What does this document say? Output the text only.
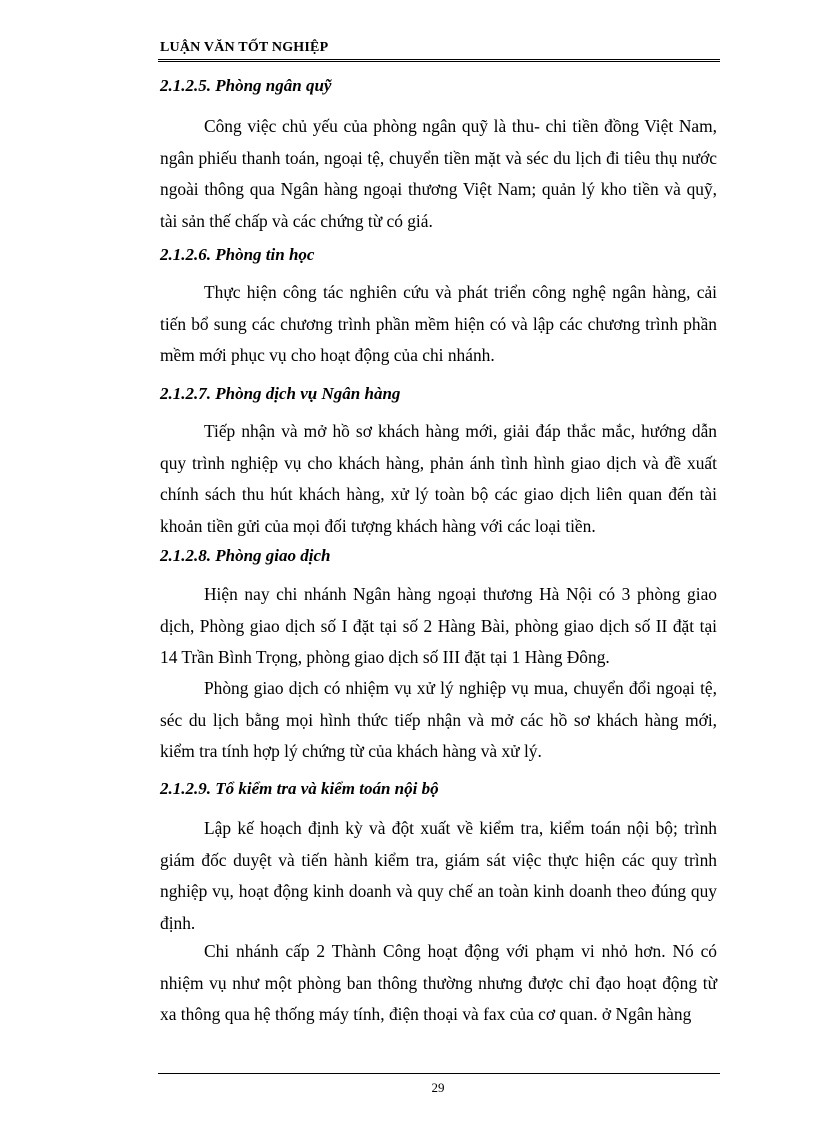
LUẬN VĂN TỐT NGHIỆP
2.1.2.5. Phòng ngân quỹ

Công việc chủ yếu của phòng ngân quỹ là thu- chi tiền đồng Việt Nam, ngân phiếu thanh toán, ngoại tệ, chuyển tiền mặt và séc du lịch đi tiêu thụ nước ngoài thông qua Ngân hàng ngoại thương Việt Nam; quản lý kho tiền và quỹ, tài sản thế chấp và các chứng từ có giá.

2.1.2.6. Phòng tin học

Thực hiện công tác nghiên cứu và phát triển công nghệ ngân hàng, cải tiến bổ sung các chương trình phần mềm hiện có và lập các chương trình phần mềm mới phục vụ cho hoạt động của chi nhánh.

2.1.2.7. Phòng dịch vụ Ngân hàng

Tiếp nhận và mở hồ sơ khách hàng mới, giải đáp thắc mắc, hướng dẫn quy trình nghiệp vụ cho khách hàng, phản ánh tình hình giao dịch và đề xuất chính sách thu hút khách hàng, xử lý toàn bộ các giao dịch liên quan đến tài khoản tiền gửi của mọi đối tượng khách hàng với các loại tiền.

2.1.2.8. Phòng giao dịch

Hiện nay chi nhánh Ngân hàng ngoại thương Hà Nội có 3 phòng giao dịch, Phòng giao dịch số I đặt tại số 2 Hàng Bài, phòng giao dịch số II đặt tại 14 Trần Bình Trọng, phòng giao dịch số III đặt tại 1 Hàng Đông.

Phòng giao dịch có nhiệm vụ xử lý nghiệp vụ mua, chuyển đổi ngoại tệ, séc du lịch bằng mọi hình thức tiếp nhận và mở các hồ sơ khách hàng mới, kiểm tra tính hợp lý chứng từ của khách hàng và xử lý.

2.1.2.9. Tổ kiểm tra và kiểm toán nội bộ

Lập kế hoạch định kỳ và đột xuất về kiểm tra, kiểm toán nội bộ; trình giám đốc duyệt và tiến hành kiểm tra, giám sát việc thực hiện các quy trình nghiệp vụ, hoạt động kinh doanh và quy chế an toàn kinh doanh theo đúng quy định.

Chi nhánh cấp 2 Thành Công hoạt động với phạm vi nhỏ hơn. Nó có nhiệm vụ như một phòng ban thông thường nhưng được chỉ đạo hoạt động từ xa thông qua hệ thống máy tính, điện thoại và fax của cơ quan. ở Ngân hàng

29
